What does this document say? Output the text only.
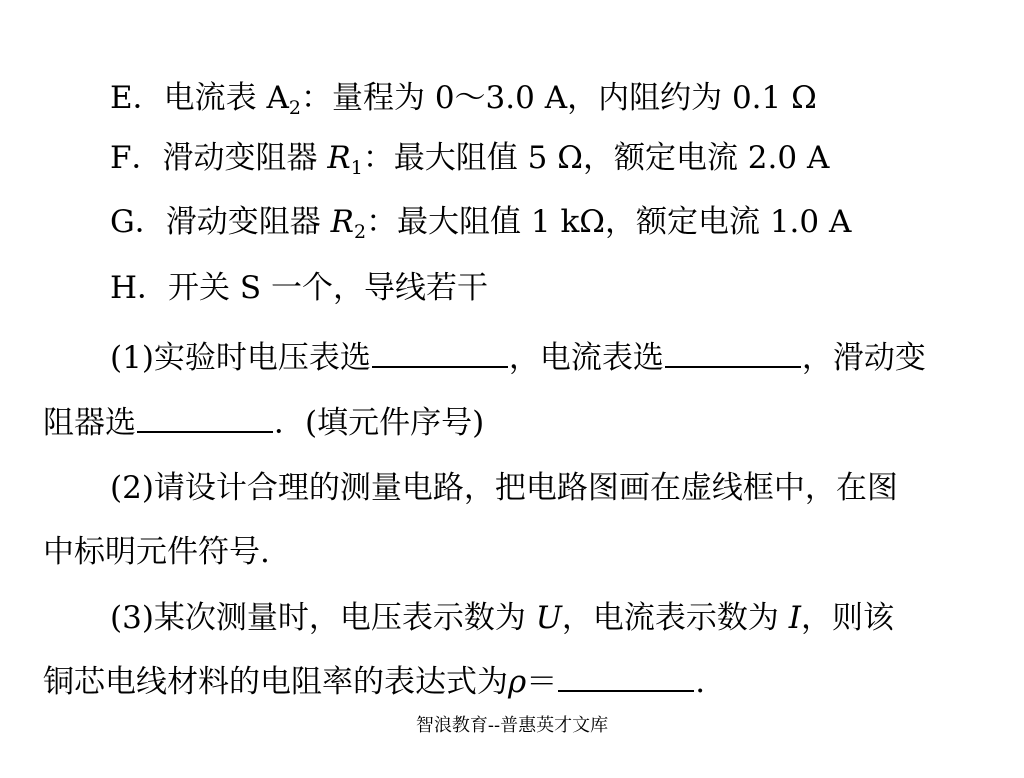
E．电流表 A2：量程为 0～3.0 A，内阻约为 0.1 Ω
F．滑动变阻器 R1：最大阻值 5 Ω，额定电流 2.0 A
G．滑动变阻器 R2：最大阻值 1 kΩ，额定电流 1.0 A
H．开关 S 一个，导线若干
(1)实验时电压表选	，电流表选	，滑动变
阻器选	．(填元件序号)
(2)请设计合理的测量电路，把电路图画在虚线框中，在图
中标明元件符号.
(3)某次测量时，电压表示数为 U，电流表示数为 I，则该
铜芯电线材料的电阻率的表达式为ρ＝	.
智浪教育--普惠英才文库
